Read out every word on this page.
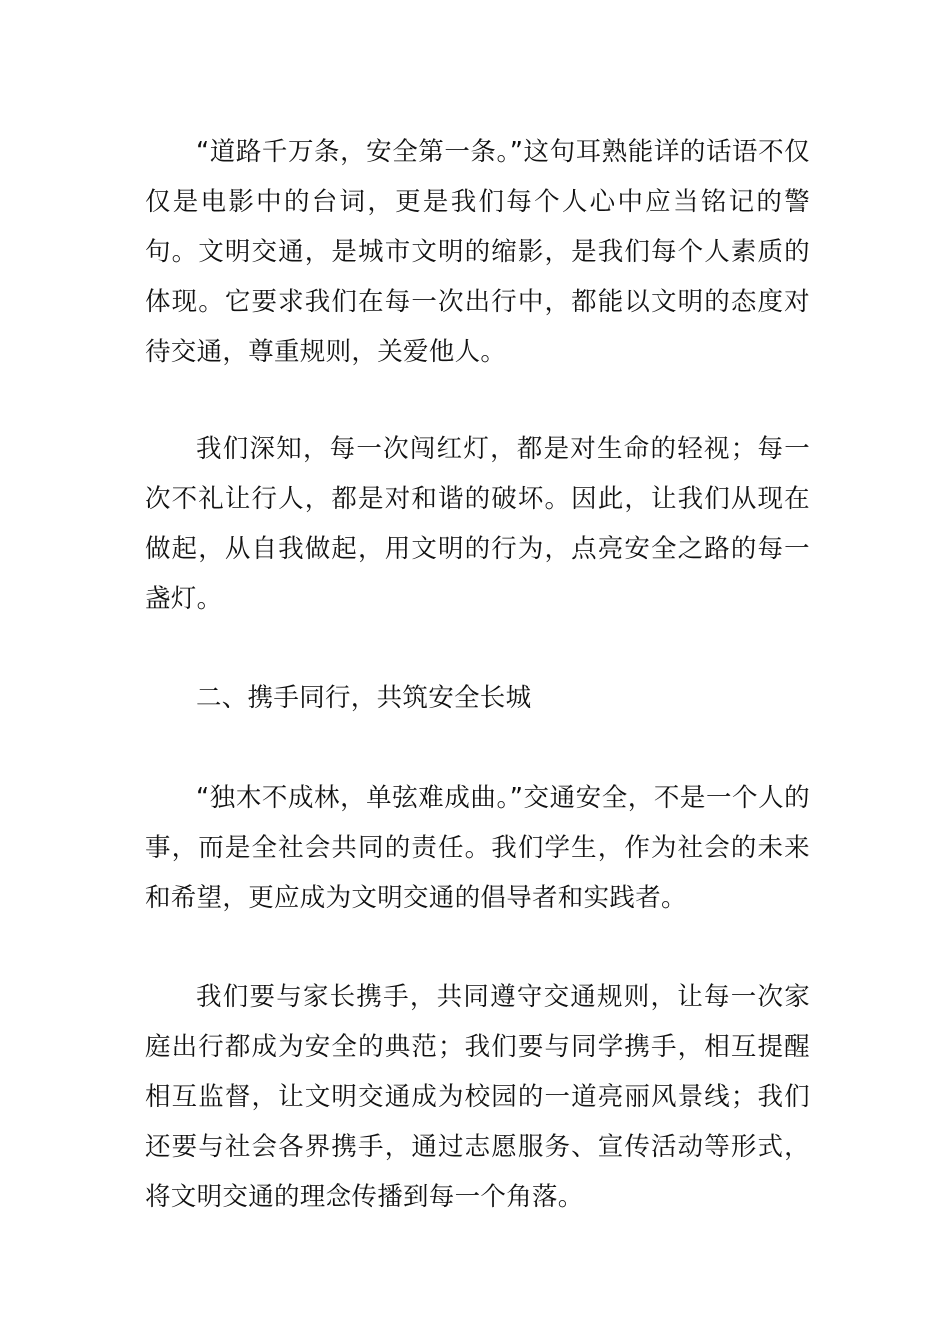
“道路千万条，安全第一条。”这句耳熟能详的话语不仅仅是电影中的台词，更是我们每个人心中应当铭记的警句。文明交通，是城市文明的缩影，是我们每个人素质的体现。它要求我们在每一次出行中，都能以文明的态度对待交通，尊重规则，关爱他人。

我们深知，每一次闯红灯，都是对生命的轻视；每一次不礼让行人，都是对和谐的破坏。因此，让我们从现在做起，从自我做起，用文明的行为，点亮安全之路的每一盏灯。

二、携手同行，共筑安全长城

“独木不成林，单弦难成曲。”交通安全，不是一个人的事，而是全社会共同的责任。我们学生，作为社会的未来和希望，更应成为文明交通的倡导者和实践者。

我们要与家长携手，共同遵守交通规则，让每一次家庭出行都成为安全的典范；我们要与同学携手，相互提醒相互监督，让文明交通成为校园的一道亮丽风景线；我们还要与社会各界携手，通过志愿服务、宣传活动等形式，将文明交通的理念传播到每一个角落。
